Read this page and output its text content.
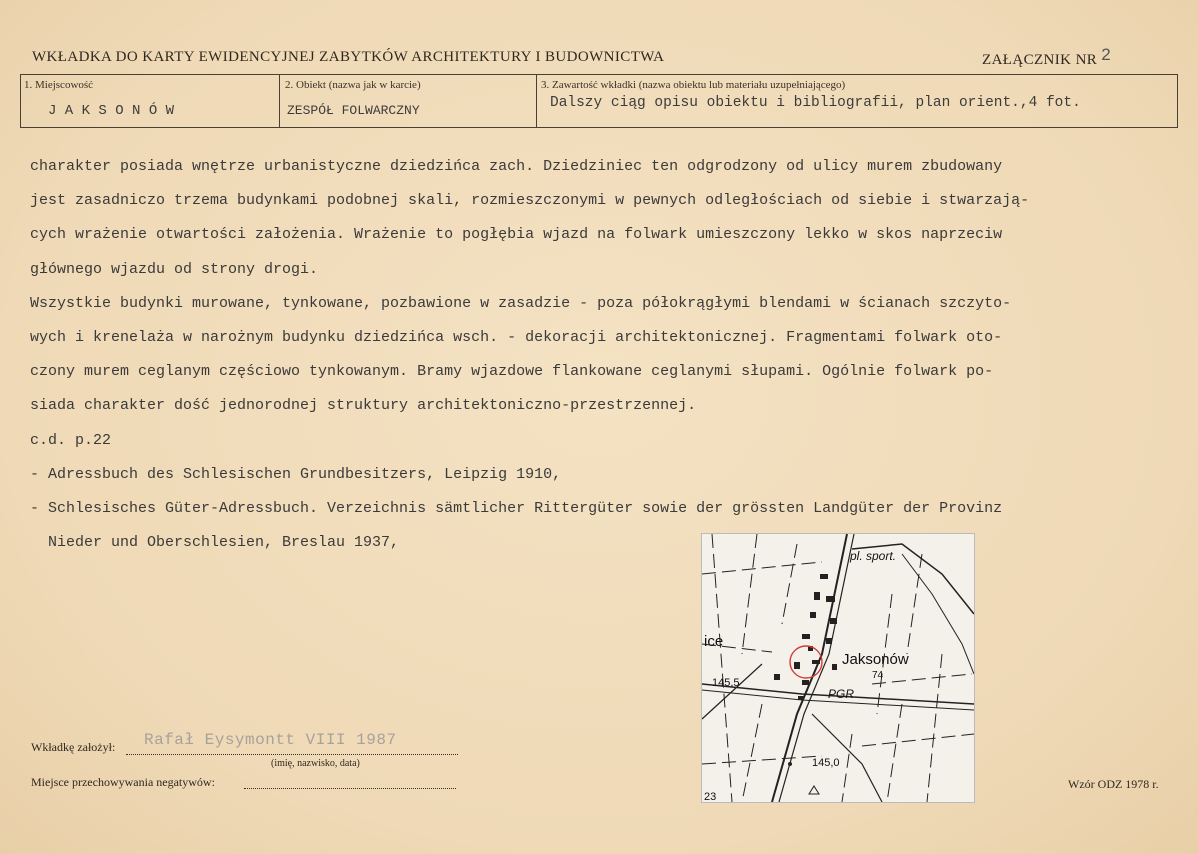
WKŁADKA DO KARTY EWIDENCYJNEJ ZABYTKÓW ARCHITEKTURY I BUDOWNICTWA	ZAŁĄCZNIK NR 2
1. Miejscowość
J A K S O N Ó W
2. Obiekt (nazwa jak w karcie)
ZESPÓŁ FOLWARCZNY
3. Zawartość wkładki (nazwa obiektu lub materiału uzupełniającego)
Dalszy ciąg opisu obiektu i bibliografii, plan orient.,4 fot.
charakter posiada wnętrze urbanistyczne dziedzińca zach. Dziedziniec ten odgrodzony od ulicy murem zbudowany
jest zasadniczo trzema budynkami podobnej skali, rozmieszczonymi w pewnych odległościach od siebie i stwarzają-
cych wrażenie otwartości założenia. Wrażenie to pogłębia wjazd na folwark umieszczony lekko w skos naprzeciw
głównego wjazdu od strony drogi.
Wszystkie budynki murowane, tynkowane, pozbawione w zasadzie - poza półokrągłymi blendami w ścianach szczyto-
wych i krenelaża w narożnym budynku dziedzińca wsch. - dekoracji architektonicznej. Fragmentami folwark oto-
czony murem ceglanym częściowo tynkowanym. Bramy wjazdowe flankowane ceglanymi słupami. Ogólnie folwark po-
siada charakter dość jednorodnej struktury architektoniczno-przestrzennej.
c.d. p.22
- Adressbuch des Schlesischen Grundbesitzers, Leipzig 1910,
- Schlesisches Güter-Adressbuch. Verzeichnis sämtlicher Rittergüter sowie der grössten Landgüter der Provinz
Nieder und Oberschlesien, Breslau 1937,
pl. sport.
ice
Jaksonów
74
145,5
PGR
145,0
23
Wkładkę założył: Rafał Eysymontt VIII 1987
(imię, nazwisko, data)
Miejsce przechowywania negatywów:	Wzór ODZ 1978 r.
